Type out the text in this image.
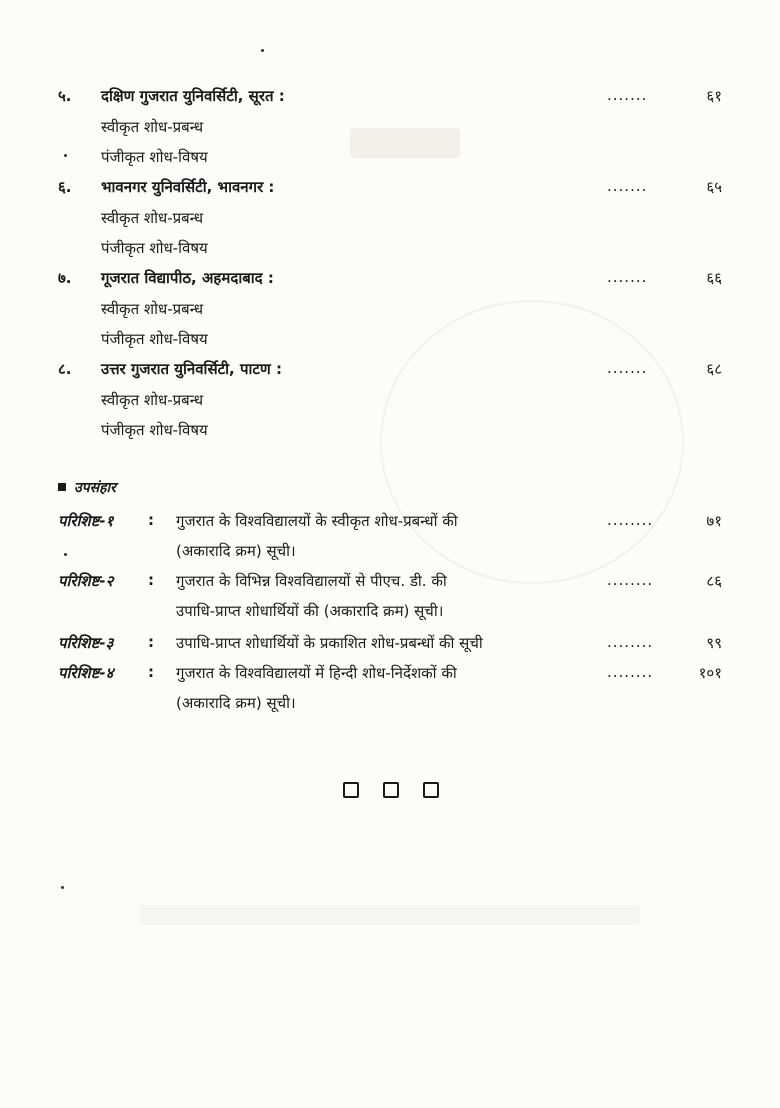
५. दक्षिण गुजरात युनिवर्सिटी, सूरत :	.......	६१
स्वीकृत शोध-प्रबन्ध
पंजीकृत शोध-विषय
६. भावनगर युनिवर्सिटी, भावनगर :	.......	६५
स्वीकृत शोध-प्रबन्ध
पंजीकृत शोध-विषय
७. गूजरात विद्यापीठ, अहमदाबाद :	.......	६६
स्वीकृत शोध-प्रबन्ध
पंजीकृत शोध-विषय
८. उत्तर गुजरात युनिवर्सिटी, पाटण :	.......	६८
स्वीकृत शोध-प्रबन्ध
पंजीकृत शोध-विषय
उपसंहार
परिशिष्ट-१ : गुजरात के विश्वविद्यालयों के स्वीकृत शोध-प्रबन्धों की	........	७१
(अकारादि क्रम) सूची।
परिशिष्ट-२ : गुजरात के विभिन्न विश्वविद्यालयों से पीएच. डी. की	........	८६
उपाधि-प्राप्त शोधार्थियों की (अकारादि क्रम) सूची।
परिशिष्ट-३ : उपाधि-प्राप्त शोधार्थियों के प्रकाशित शोध-प्रबन्धों की सूची	........	९९
परिशिष्ट-४ : गुजरात के विश्वविद्यालयों में हिन्दी शोध-निर्देशकों की	........	१०१
(अकारादि क्रम) सूची।
